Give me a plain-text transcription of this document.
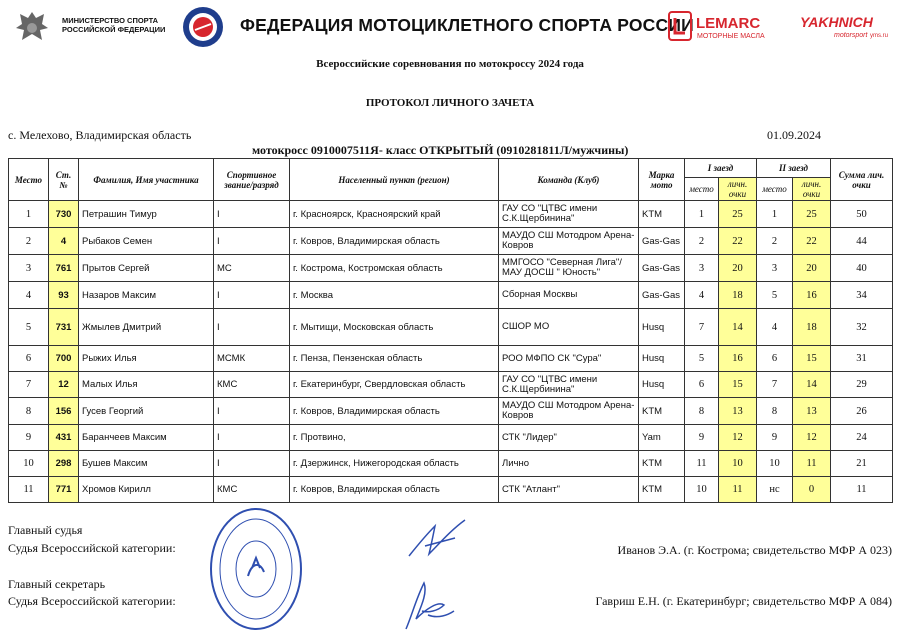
МИНИСТЕРСТВО СПОРТА
РОССИЙСКОЙ ФЕДЕРАЦИИ	ФЕДЕРАЦИЯ МОТОЦИКЛЕТНОГО СПОРТА РОССИИ LEMARC
МОТОРНЫЕ МАСЛА
YAKHNICH
motorsport yms.ru
Всероссийские соревнования по мотокроссу 2024 года
ПРОТОКОЛ ЛИЧНОГО ЗАЧЕТА
с. Мелехово, Владимирская область	01.09.2024
мотокросс 0910007511Я- класс ОТКРЫТЫЙ (0910281811Л/мужчины)
Место	Ст. №	Фамилия, Имя участника	Спортивное звание/разряд	Населенный пункт (регион)	Команда (Клуб)	Марка мото	I заезд		II заезд		Сумма лич. очки
							место	личн. очки	место	личн. очки	
1	730	Петрашин Тимур	I	г. Красноярск, Красноярский край	ГАУ СО "ЦТВС имени С.К.Щербинина"	KTM	1	25	1	25	50
2	4	Рыбаков Семен	I	г. Ковров, Владимирская область	МАУДО СШ Мотодром Арена-Ковров	Gas-Gas	2	22	2	22	44
3	761	Прытов Сергей	МС	г. Кострома, Костромская область	ММГОСО "Северная Лига"/МАУ ДОСШ " Юность"	Gas-Gas	3	20	3	20	40
4	93	Назаров Максим	I	г. Москва	Сборная Москвы	Gas-Gas	4	18	5	16	34
5	731	Жмылев Дмитрий	I	г. Мытищи, Московская область	СШОР МО	Husq	7	14	4	18	32
6	700	Рыжих Илья	МСМК	г. Пенза, Пензенская область	РОО МФПО СК "Сура"	Husq	5	16	6	15	31
7	12	Малых Илья	КМС	г. Екатеринбург, Свердловская область	ГАУ СО "ЦТВС имени С.К.Щербинина"	Husq	6	15	7	14	29
8	156	Гусев Георгий	I	г. Ковров, Владимирская область	МАУДО СШ Мотодром Арена-Ковров	KTM	8	13	8	13	26
9	431	Баранчеев Максим	I	г. Протвино,	СТК "Лидер"	Yam	9	12	9	12	24
10	298	Бушев Максим	I	г. Дзержинск, Нижегородская область	Лично	KTM	11	10	10	11	21
11	771	Хромов Кирилл	КМС	г. Ковров, Владимирская область	СТК "Атлант"	KTM	10	11	нс	0	11
Главный судья
Судья Всероссийской категории:	Иванов Э.А. (г. Кострома; свидетельство МФР А 023)
Главный секретарь
Судья Всероссийской категории:	Гавриш Е.Н. (г. Екатеринбург; свидетельство МФР А 084)
